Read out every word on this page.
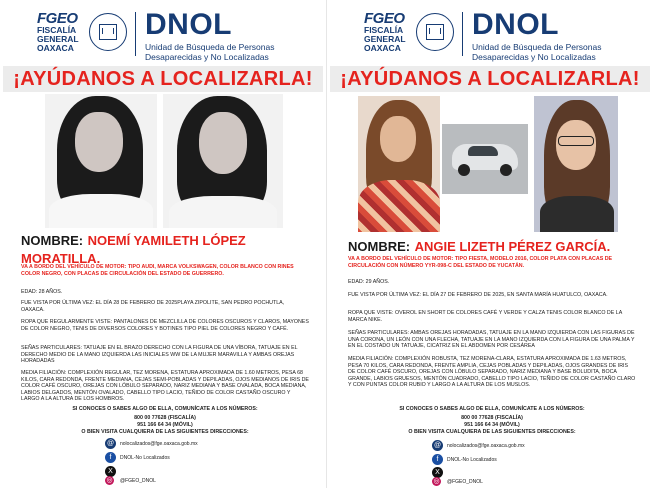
FGEO
FISCALÍA
GENERAL
OAXACA
DNOL
Unidad de Búsqueda de Personas Desaparecidas y No Localizadas
¡AYÚDANOS A LOCALIZARLA!
NOMBRE: NOEMÍ YAMILETH LÓPEZ MORATILLA.
VA A BORDO DEL VEHÍCULO DE MOTOR: TIPO AUDI, MARCA VOLKSWAGEN, COLOR BLANCO CON RINES COLOR NEGRO, CON PLACAS DE CIRCULACIÓN DEL ESTADO DE GUERRERO.
EDAD: 28 AÑOS.
FUE VISTA POR ÚLTIMA VEZ: EL DÍA 28 DE FEBRERO DE 2025PLAYA ZIPOLITE, SAN PEDRO POCHUTLA, OAXACA.
ROPA QUE REGULARMENTE VISTE: PANTALONES DE MEZCLILLA DE COLORES OSCUROS Y CLAROS, MAYONES DE COLOR NEGRO, TENIS DE DIVERSOS COLORES Y BOTINES TIPO PIEL DE COLORES NEGRO Y CAFÉ.
SEÑAS PARTICULARES: TATUAJE EN EL BRAZO DERECHO CON LA FIGURA DE UNA VÍBORA, TATUAJE EN EL DERECHO MEDIO DE LA MANO IZQUIERDA LAS INICIALES WW DE LA MUJER MARAVILLA Y AMBAS OREJAS HORADADAS
MEDIA FILIACIÓN: COMPLEXIÓN REGULAR, TEZ MORENA, ESTATURA APROXIMADA DE 1.60 METROS, PESA 68 KILOS, CARA REDONDA, FRENTE MEDIANA, CEJAS SEMI-POBLADAS Y DEPILADAS, OJOS MEDIANOS DE IRIS DE COLOR CAFÉ OSCURO, OREJAS CON LÓBULO SEPARADO, NARIZ MEDIANA Y BASE OVALADA, BOCA MEDIANA, LABIOS DELGADOS, MENTÓN OVALADO, CABELLO TIPO LACIO, TEÑIDO DE COLOR CASTAÑO OSCURO Y LARGO A LA ALTURA DE LOS HOMBROS.
SI CONOCES O SABES ALGO DE ELLA, COMUNÍCATE A LOS NÚMEROS:
800 00 77628 (FISCALÍA)
951 166 64 34 (MÓVIL)
O BIEN VISITA CUALQUIERA DE LAS SIGUIENTES DIRECCIONES:
@	nolocalizados@fge.oaxaca.gob.mx
f	DNOL-No Localizados
X
◎ @FGEO_DNOL
FGEO
FISCALÍA
GENERAL
OAXACA
DNOL
Unidad de Búsqueda de Personas Desaparecidas y No Localizadas
¡AYÚDANOS A LOCALIZARLA!
NOMBRE: ANGIE LIZETH PÉREZ GARCÍA.
VA A BORDO DEL VEHÍCULO DE MOTOR: TIPO FIESTA, MODELO 2016, COLOR PLATA CON PLACAS DE CIRCULACIÓN CON NÚMERO YYR-098-C DEL ESTADO DE YUCATÁN.
EDAD: 29 AÑOS.
FUE VISTA POR ÚLTIMA VEZ: EL DÍA 27 DE FEBRERO DE 2025, EN SANTA MARÍA HUATULCO, OAXACA.
ROPA QUE VISTE: OVEROL EN SHORT DE COLORES CAFÉ Y VERDE Y CALZA TENIS COLOR BLANCO DE LA MARCA NIKE.
SEÑAS PARTICULARES: AMBAS OREJAS HORADADAS, TATUAJE EN LA MANO IZQUIERDA CON LAS FIGURAS DE UNA CORONA, UN LEÓN CON UNA FLECHA, TATUAJE EN LA MANO IZQUIERDA CON LA FIGURA DE UNA PALMA Y EN EL COSTADO UN TATUAJE, CICATRIZ EN EL ABDOMEN POR CESÁREA
MEDIA FILIACIÓN: COMPLEXIÓN ROBUSTA, TEZ MORENA-CLARA, ESTATURA APROXIMADA DE 1.63 METROS, PESA 70 KILOS, CARA REDONDA, FRENTE AMPLIA, CEJAS POBLADAS Y DEPILADAS, OJOS GRANDES DE IRIS DE COLOR CAFÉ OSCURO, OREJAS CON LÓBULO SEPARADO, NARIZ MEDIANA Y BASE BOLUDITA, BOCA GRANDE, LABIOS GRUESOS, MENTÓN CUADRADO, CABELLO TIPO LACIO, TEÑIDO DE COLOR CASTAÑO CLARO Y CON PUNTAS COLOR RUBIO Y LARGO A LA ALTURA DE LOS MUSLOS.
SI CONOCES O SABES ALGO DE ELLA, COMUNÍCATE A LOS NÚMEROS:
800 00 77628 (FISCALÍA)
951 166 64 34 (MÓVIL)
O BIEN VISITA CUALQUIERA DE LAS SIGUIENTES DIRECCIONES:
@	nolocalizados@fge.oaxaca.gob.mx
f	DNOL-No Localizados
X
◎ @FGEO_DNOL
